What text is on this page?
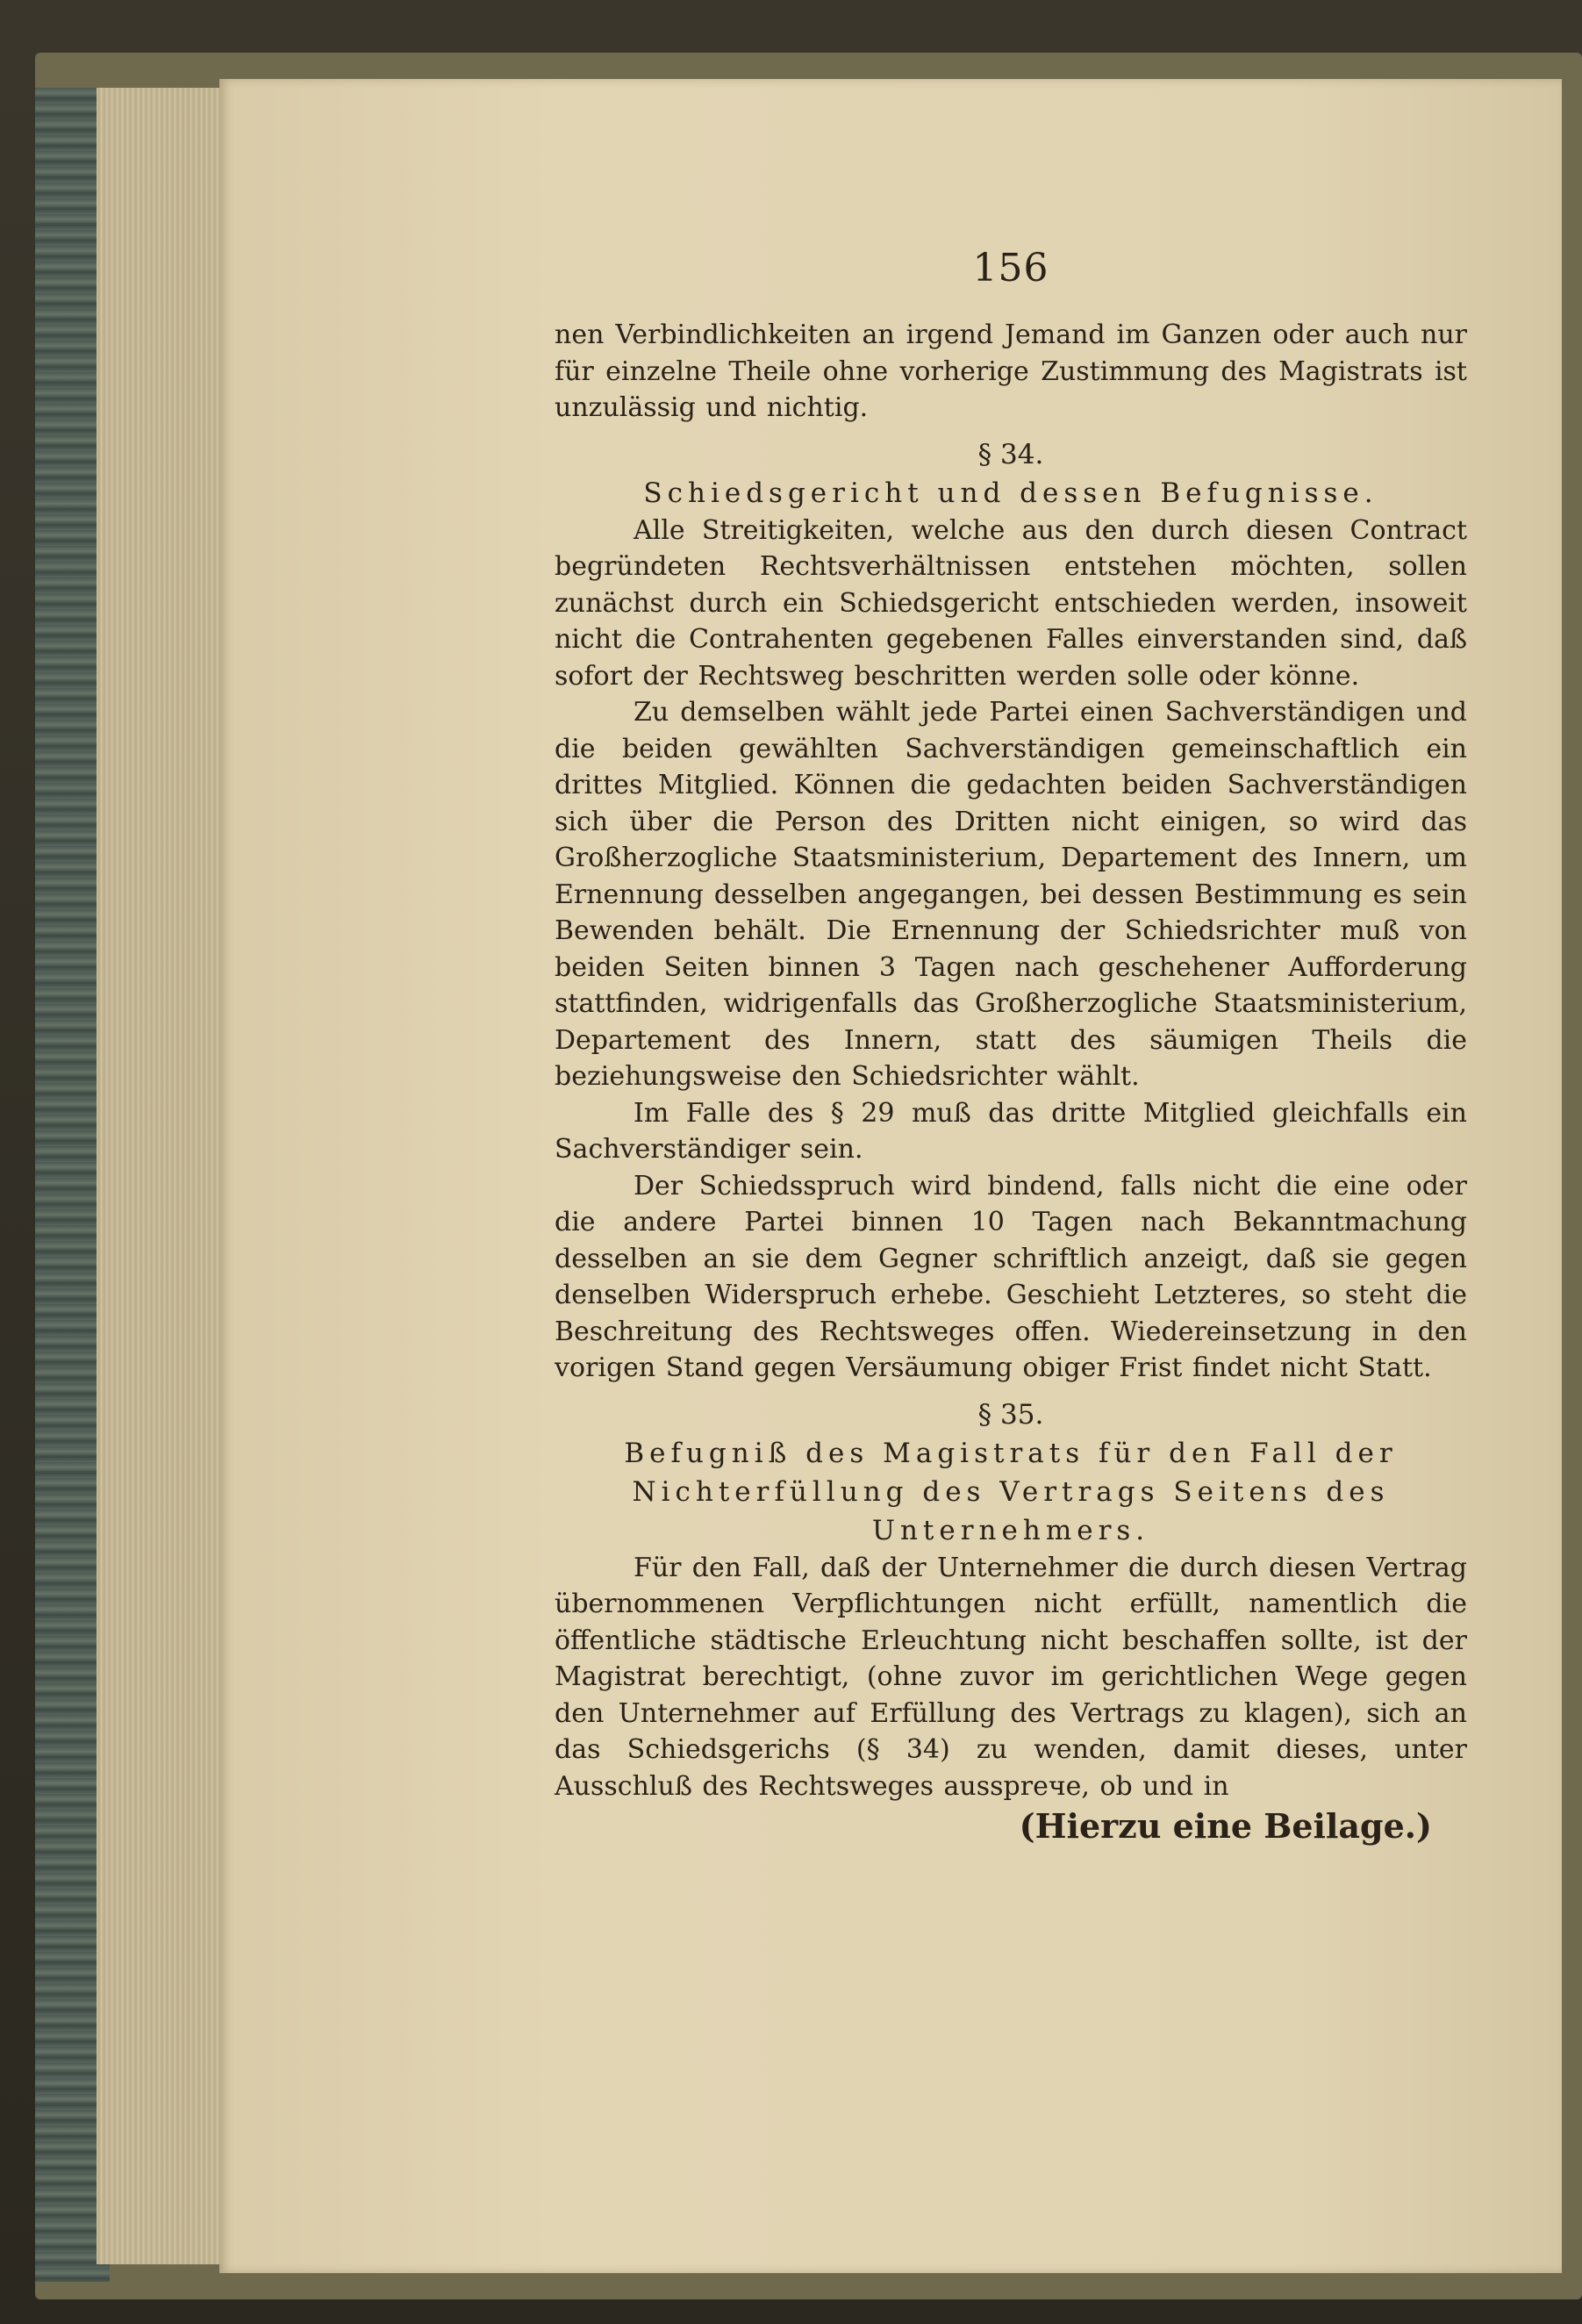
156

nen Verbindlichkeiten an irgend Jemand im Ganzen oder auch nur für einzelne Theile ohne vorherige Zustimmung des Magistrats ist unzulässig und nichtig.

§ 34.
Schiedsgericht und dessen Befugnisse.

Alle Streitigkeiten, welche aus den durch diesen Contract begründeten Rechtsverhältnissen entstehen möchten, sollen zunächst durch ein Schiedsgericht entschieden werden, insoweit nicht die Contrahenten gegebenen Falles einverstanden sind, daß sofort der Rechtsweg beschritten werden solle oder könne.

Zu demselben wählt jede Partei einen Sachverständigen und die beiden gewählten Sachverständigen gemeinschaftlich ein drittes Mitglied. Können die gedachten beiden Sachverständigen sich über die Person des Dritten nicht einigen, so wird das Großherzogliche Staatsministerium, Departement des Innern, um Ernennung desselben angegangen, bei dessen Bestimmung es sein Bewenden behält. Die Ernennung der Schiedsrichter muß von beiden Seiten binnen 3 Tagen nach geschehener Aufforderung stattfinden, widrigenfalls das Großherzogliche Staatsministerium, Departement des Innern, statt des säumigen Theils die beziehungsweise den Schiedsrichter wählt.

Im Falle des § 29 muß das dritte Mitglied gleichfalls ein Sachverständiger sein.

Der Schiedsspruch wird bindend, falls nicht die eine oder die andere Partei binnen 10 Tagen nach Bekanntmachung desselben an sie dem Gegner schriftlich anzeigt, daß sie gegen denselben Widerspruch erhebe. Geschieht Letzteres, so steht die Beschreitung des Rechtsweges offen. Wiedereinsetzung in den vorigen Stand gegen Versäumung obiger Frist findet nicht Statt.

§ 35.
Befugniß des Magistrats für den Fall der Nichterfüllung des Vertrags Seitens des Unternehmers.

Für den Fall, daß der Unternehmer die durch diesen Vertrag übernommenen Verpflichtungen nicht erfüllt, namentlich die öffentliche städtische Erleuchtung nicht beschaffen sollte, ist der Magistrat berechtigt, (ohne zuvor im gerichtlichen Wege gegen den Unternehmer auf Erfüllung des Vertrags zu klagen), sich an das Schiedsgerichs (§ 34) zu wenden, damit dieses, unter Ausschluß des Rechtsweges aussprече, ob und in

(Hierzu eine Beilage.)
